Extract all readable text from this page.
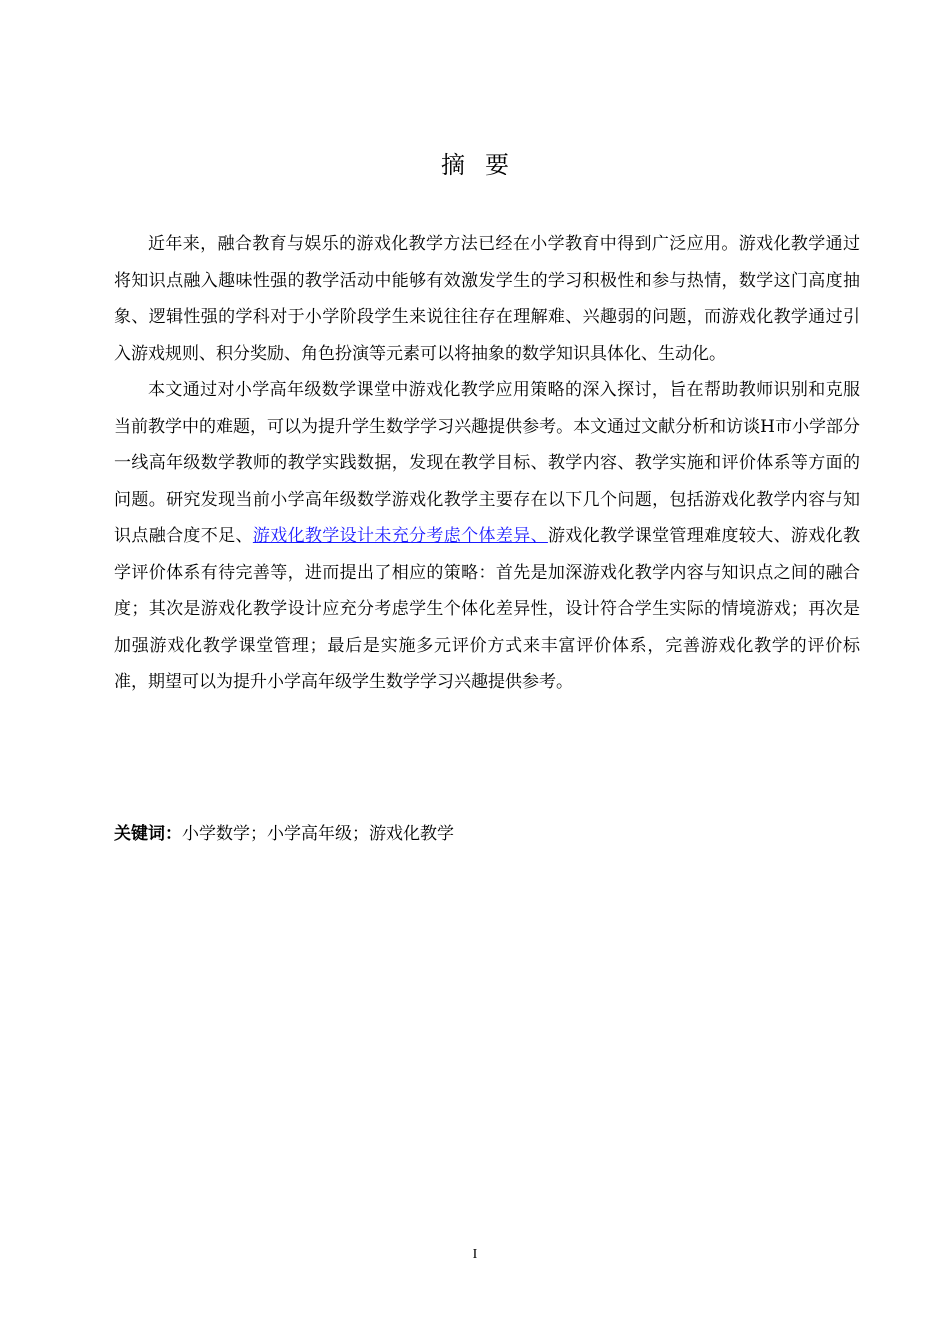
摘要

近年来，融合教育与娱乐的游戏化教学方法已经在小学教育中得到广泛应用。游戏化教学通过将知识点融入趣味性强的教学活动中能够有效激发学生的学习积极性和参与热情，数学这门高度抽象、逻辑性强的学科对于小学阶段学生来说往往存在理解难、兴趣弱的问题，而游戏化教学通过引入游戏规则、积分奖励、角色扮演等元素可以将抽象的数学知识具体化、生动化。

本文通过对小学高年级数学课堂中游戏化教学应用策略的深入探讨，旨在帮助教师识别和克服当前教学中的难题，可以为提升学生数学学习兴趣提供参考。本文通过文献分析和访谈H市小学部分一线高年级数学教师的教学实践数据，发现在教学目标、教学内容、教学实施和评价体系等方面的问题。研究发现当前小学高年级数学游戏化教学主要存在以下几个问题，包括游戏化教学内容与知识点融合度不足、游戏化教学设计未充分考虑个体差异、游戏化教学课堂管理难度较大、游戏化教学评价体系有待完善等，进而提出了相应的策略：首先是加深游戏化教学内容与知识点之间的融合度；其次是游戏化教学设计应充分考虑学生个体化差异性，设计符合学生实际的情境游戏；再次是加强游戏化教学课堂管理；最后是实施多元评价方式来丰富评价体系，完善游戏化教学的评价标准，期望可以为提升小学高年级学生数学学习兴趣提供参考。

关键词：小学数学；小学高年级；游戏化教学
I
